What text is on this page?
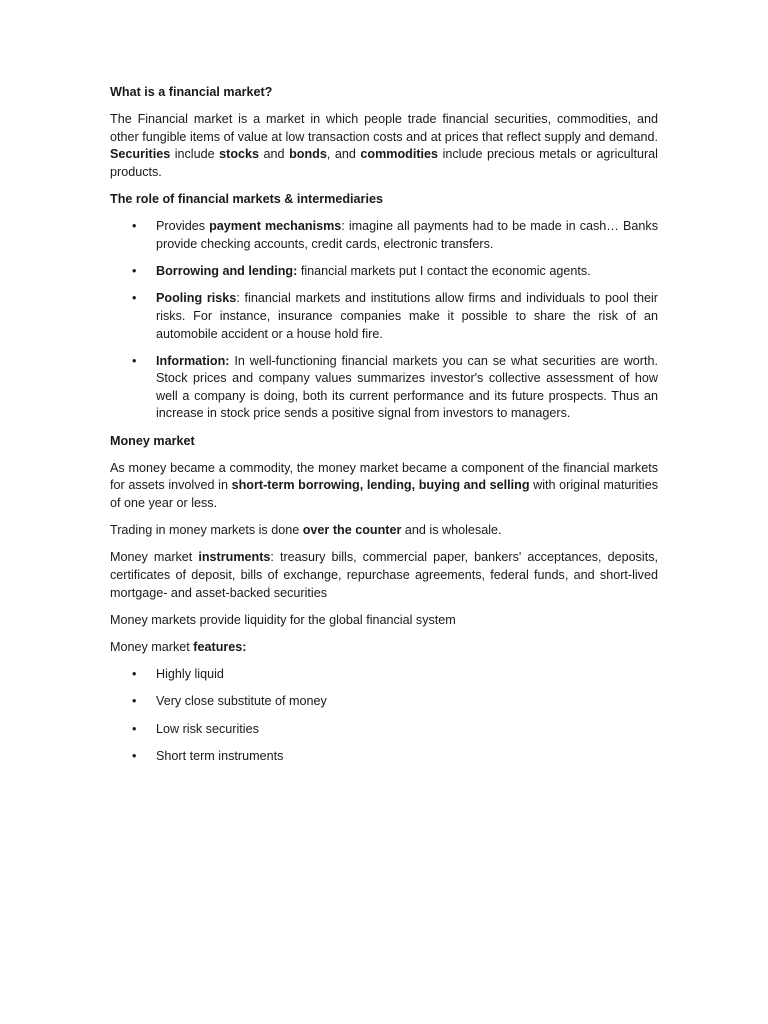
What is a financial market?
The Financial market is a market in which people trade financial securities, commodities, and other fungible items of value at low transaction costs and at prices that reflect supply and demand. Securities include stocks and bonds, and commodities include precious metals or agricultural products.
The role of financial markets & intermediaries
• Provides payment mechanisms: imagine all payments had to be made in cash… Banks provide checking accounts, credit cards, electronic transfers.
• Borrowing and lending: financial markets put I contact the economic agents.
• Pooling risks: financial markets and institutions allow firms and individuals to pool their risks. For instance, insurance companies make it possible to share the risk of an automobile accident or a house hold fire.
• Information: In well-functioning financial markets you can se what securities are worth. Stock prices and company values summarizes investor's collective assessment of how well a company is doing, both its current performance and its future prospects. Thus an increase in stock price sends a positive signal from investors to managers.
Money market
As money became a commodity, the money market became a component of the financial markets for assets involved in short-term borrowing, lending, buying and selling with original maturities of one year or less.
Trading in money markets is done over the counter and is wholesale.
Money market instruments: treasury bills, commercial paper, bankers' acceptances, deposits, certificates of deposit, bills of exchange, repurchase agreements, federal funds, and short-lived mortgage- and asset-backed securities
Money markets provide liquidity for the global financial system
Money market features:
• Highly liquid
• Very close substitute of money
• Low risk securities
• Short term instruments
